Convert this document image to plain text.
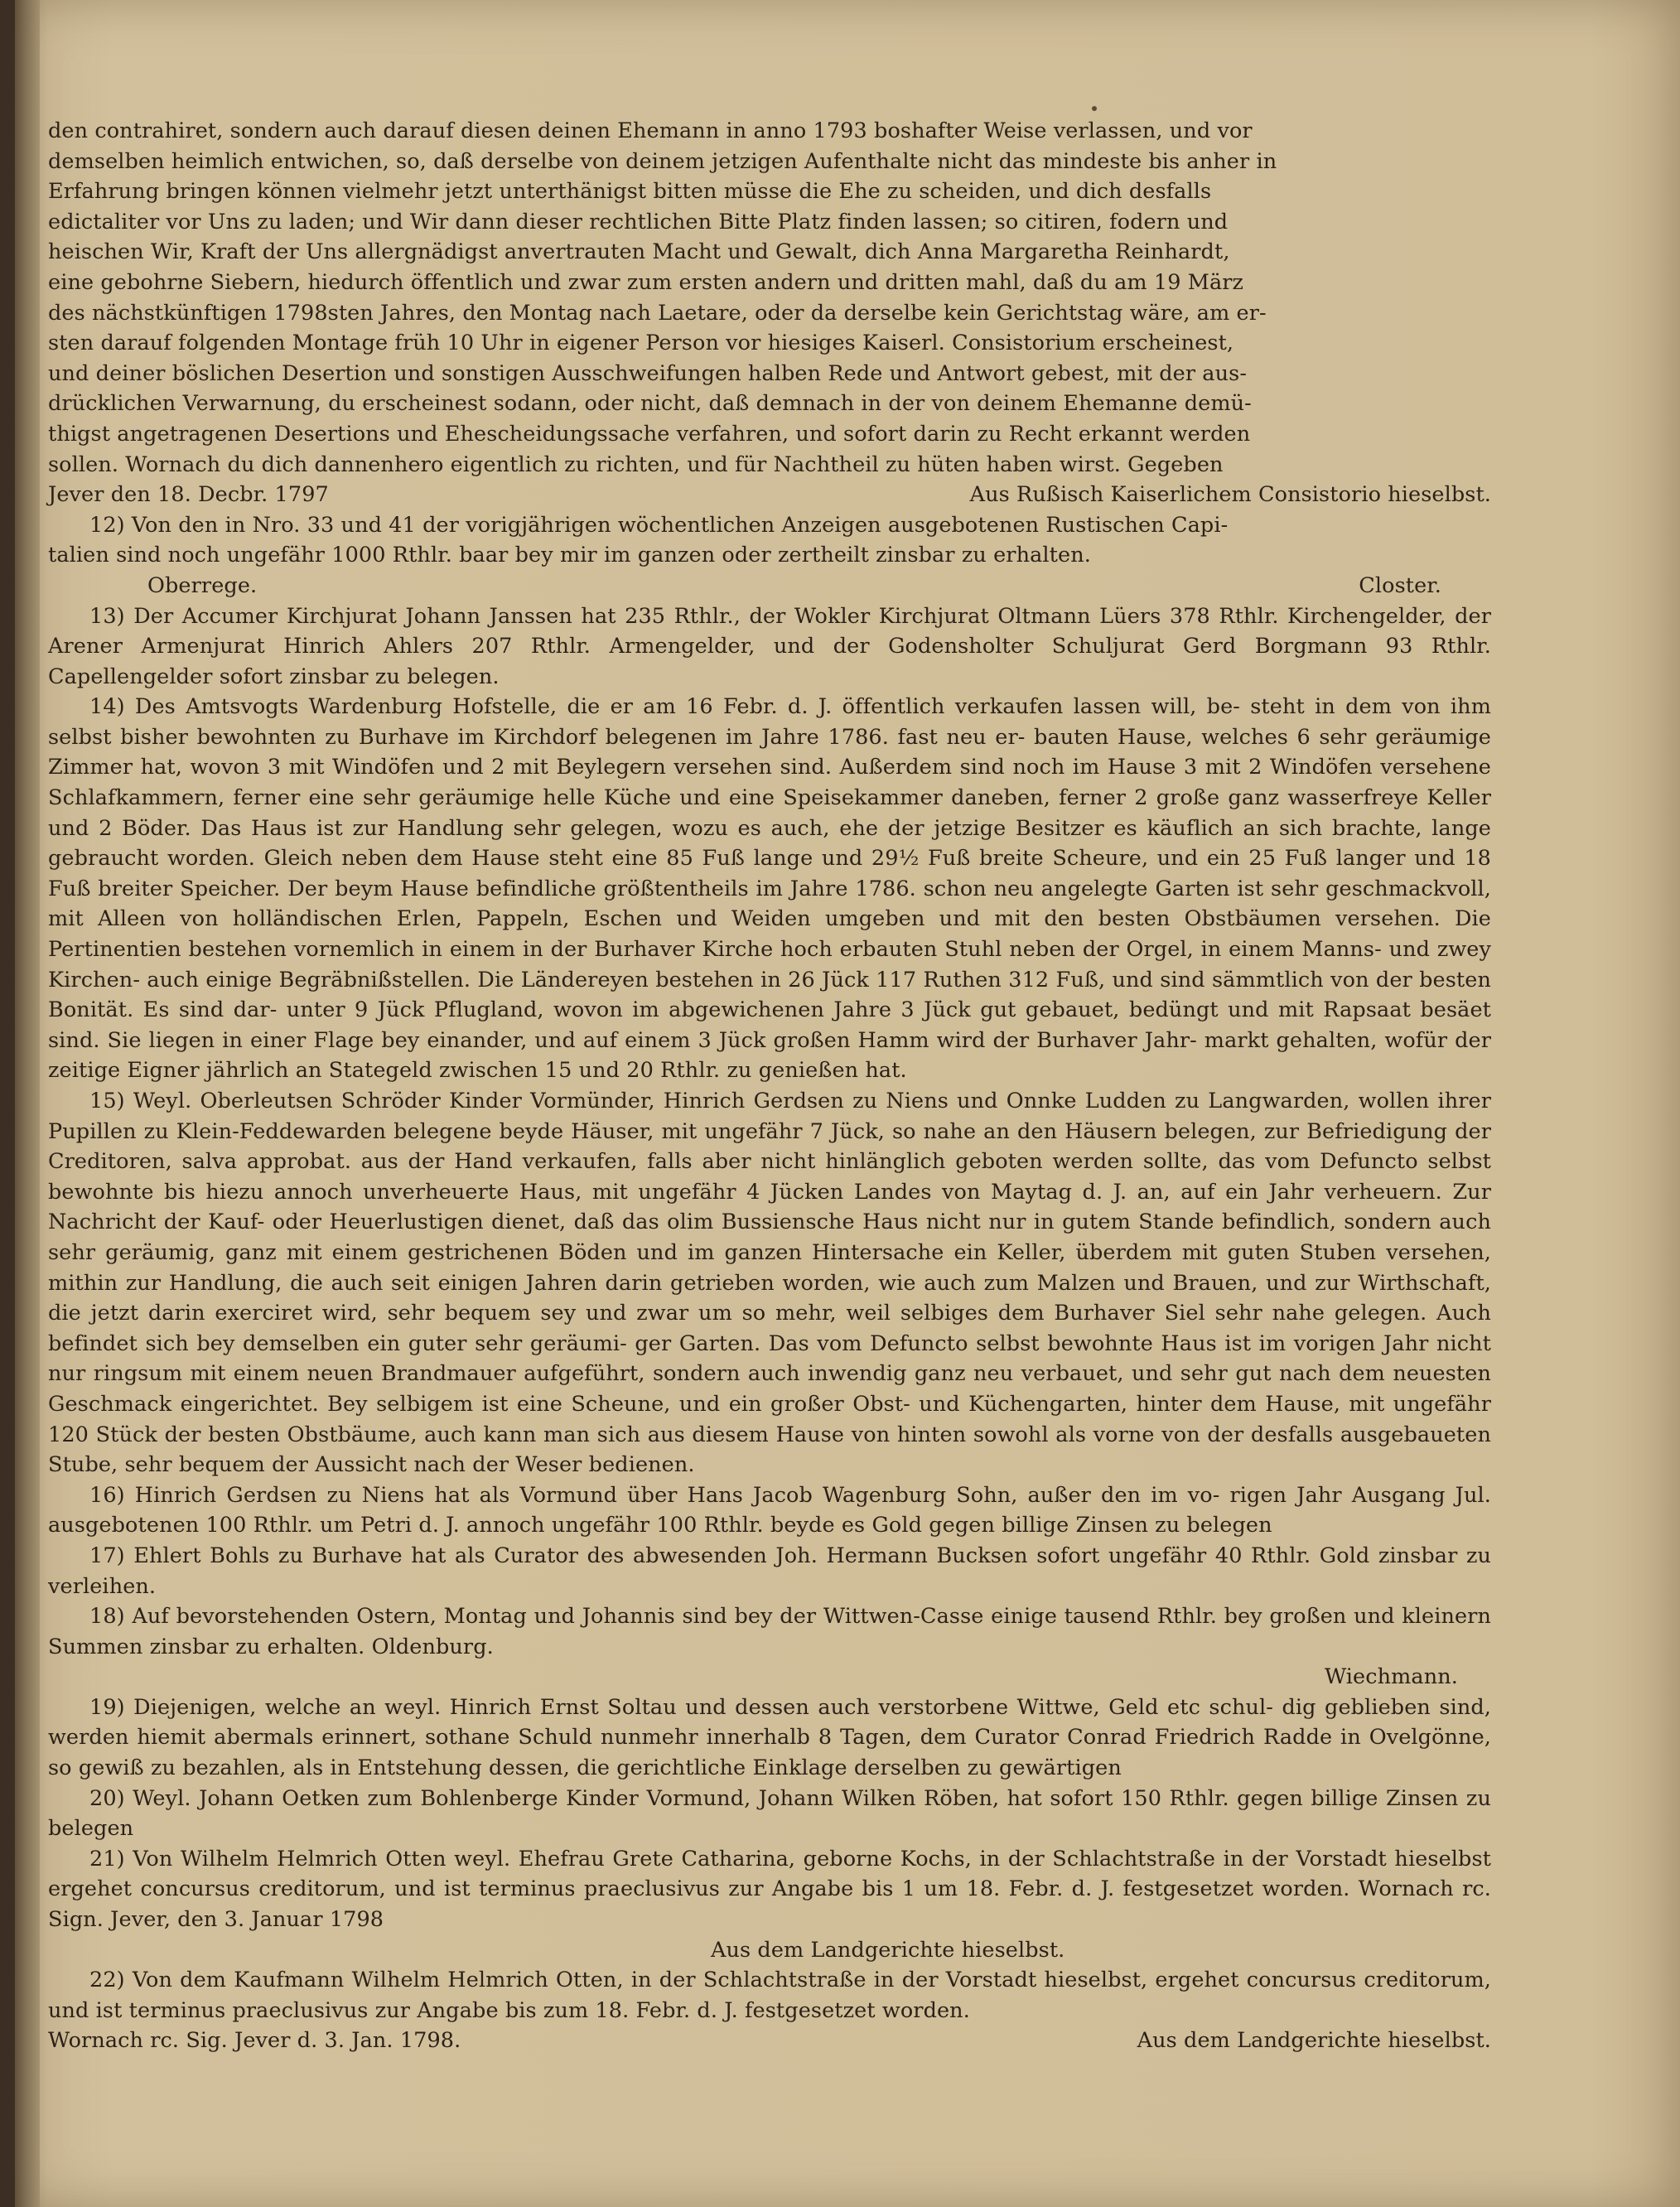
den contrahiret, sondern auch darauf diesen deinen Ehemann in anno 1793 boshafter Weise verlassen, und vor

demselben heimlich entwichen, so, daß derselbe von deinem jetzigen Aufenthalte nicht das mindeste bis anher in

Erfahrung bringen können vielmehr jetzt unterthänigst bitten müsse die Ehe zu scheiden, und dich desfalls

edictaliter vor Uns zu laden; und Wir dann dieser rechtlichen Bitte Platz finden lassen; so citiren, fodern und

heischen Wir, Kraft der Uns allergnädigst anvertrauten Macht und Gewalt, dich Anna Margaretha Reinhardt,

eine gebohrne Siebern, hiedurch öffentlich und zwar zum ersten andern und dritten mahl, daß du am 19 März

des nächstkünftigen 1798sten Jahres, den Montag nach Laetare, oder da derselbe kein Gerichtstag wäre, am er-

sten darauf folgenden Montage früh 10 Uhr in eigener Person vor hiesiges Kaiserl. Consistorium erscheinest,

und deiner böslichen Desertion und sonstigen Ausschweifungen halben Rede und Antwort gebest, mit der aus-

drücklichen Verwarnung, du erscheinest sodann, oder nicht, daß demnach in der von deinem Ehemanne demü-

thigst angetragenen Desertions und Ehescheidungssache verfahren, und sofort darin zu Recht erkannt werden

sollen. Wornach du dich dannenhero eigentlich zu richten, und für Nachtheil zu hüten haben wirst. Gegeben

Jever den 18. Decbr. 1797	Aus Rußisch Kaiserlichem Consistorio hieselbst.

12) Von den in Nro. 33 und 41 der vorigjährigen wöchentlichen Anzeigen ausgebotenen Rustischen Capi-

talien sind noch ungefähr 1000 Rthlr. baar bey mir im ganzen oder zertheilt zinsbar zu erhalten.

Oberrege.	Closter.

13) Der Accumer Kirchjurat Johann Janssen hat 235 Rthlr., der Wokler Kirchjurat Oltmann Lüers 378 Rthlr. Kirchengelder, der Arener Armenjurat Hinrich Ahlers 207 Rthlr. Armengelder, und der Godensholter Schuljurat Gerd Borgmann 93 Rthlr. Capellengelder sofort zinsbar zu belegen.

14) Des Amtsvogts Wardenburg Hofstelle, die er am 16 Febr. d. J. öffentlich verkaufen lassen will, be- steht in dem von ihm selbst bisher bewohnten zu Burhave im Kirchdorf belegenen im Jahre 1786. fast neu er- bauten Hause, welches 6 sehr geräumige Zimmer hat, wovon 3 mit Windöfen und 2 mit Beylegern versehen sind. Außerdem sind noch im Hause 3 mit 2 Windöfen versehene Schlafkammern, ferner eine sehr geräumige helle Küche und eine Speisekammer daneben, ferner 2 große ganz wasserfreye Keller und 2 Böder. Das Haus ist zur Handlung sehr gelegen, wozu es auch, ehe der jetzige Besitzer es käuflich an sich brachte, lange gebraucht worden. Gleich neben dem Hause steht eine 85 Fuß lange und 29½ Fuß breite Scheure, und ein 25 Fuß langer und 18 Fuß breiter Speicher. Der beym Hause befindliche größtentheils im Jahre 1786. schon neu angelegte Garten ist sehr geschmackvoll, mit Alleen von holländischen Erlen, Pappeln, Eschen und Weiden umgeben und mit den besten Obstbäumen versehen. Die Pertinentien bestehen vornemlich in einem in der Burhaver Kirche hoch erbauten Stuhl neben der Orgel, in einem Manns- und zwey Kirchen- auch einige Begräbnißstellen. Die Ländereyen bestehen in 26 Jück 117 Ruthen 312 Fuß, und sind sämmtlich von der besten Bonität. Es sind dar- unter 9 Jück Pflugland, wovon im abgewichenen Jahre 3 Jück gut gebauet, bedüngt und mit Rapsaat besäet sind. Sie liegen in einer Flage bey einander, und auf einem 3 Jück großen Hamm wird der Burhaver Jahr- markt gehalten, wofür der zeitige Eigner jährlich an Stategeld zwischen 15 und 20 Rthlr. zu genießen hat.

15) Weyl. Oberleutsen Schröder Kinder Vormünder, Hinrich Gerdsen zu Niens und Onnke Ludden zu Langwarden, wollen ihrer Pupillen zu Klein-Feddewarden belegene beyde Häuser, mit ungefähr 7 Jück, so nahe an den Häusern belegen, zur Befriedigung der Creditoren, salva approbat. aus der Hand verkaufen, falls aber nicht hinlänglich geboten werden sollte, das vom Defuncto selbst bewohnte bis hiezu annoch unverheuerte Haus, mit ungefähr 4 Jücken Landes von Maytag d. J. an, auf ein Jahr verheuern. Zur Nachricht der Kauf- oder Heuerlustigen dienet, daß das olim Bussiensche Haus nicht nur in gutem Stande befindlich, sondern auch sehr geräumig, ganz mit einem gestrichenen Böden und im ganzen Hintersache ein Keller, überdem mit guten Stuben versehen, mithin zur Handlung, die auch seit einigen Jahren darin getrieben worden, wie auch zum Malzen und Brauen, und zur Wirthschaft, die jetzt darin exerciret wird, sehr bequem sey und zwar um so mehr, weil selbiges dem Burhaver Siel sehr nahe gelegen. Auch befindet sich bey demselben ein guter sehr geräumi- ger Garten. Das vom Defuncto selbst bewohnte Haus ist im vorigen Jahr nicht nur ringsum mit einem neuen Brandmauer aufgeführt, sondern auch inwendig ganz neu verbauet, und sehr gut nach dem neuesten Geschmack eingerichtet. Bey selbigem ist eine Scheune, und ein großer Obst- und Küchengarten, hinter dem Hause, mit ungefähr 120 Stück der besten Obstbäume, auch kann man sich aus diesem Hause von hinten sowohl als vorne von der desfalls ausgebaueten Stube, sehr bequem der Aussicht nach der Weser bedienen.

16) Hinrich Gerdsen zu Niens hat als Vormund über Hans Jacob Wagenburg Sohn, außer den im vo- rigen Jahr Ausgang Jul. ausgebotenen 100 Rthlr. um Petri d. J. annoch ungefähr 100 Rthlr. beyde es Gold gegen billige Zinsen zu belegen

17) Ehlert Bohls zu Burhave hat als Curator des abwesenden Joh. Hermann Bucksen sofort ungefähr 40 Rthlr. Gold zinsbar zu verleihen.

18) Auf bevorstehenden Ostern, Montag und Johannis sind bey der Wittwen-Casse einige tausend Rthlr. bey großen und kleinern Summen zinsbar zu erhalten. Oldenburg.

Wiechmann.

19) Diejenigen, welche an weyl. Hinrich Ernst Soltau und dessen auch verstorbene Wittwe, Geld etc schul- dig geblieben sind, werden hiemit abermals erinnert, sothane Schuld nunmehr innerhalb 8 Tagen, dem Curator Conrad Friedrich Radde in Ovelgönne, so gewiß zu bezahlen, als in Entstehung dessen, die gerichtliche Einklage derselben zu gewärtigen

20) Weyl. Johann Oetken zum Bohlenberge Kinder Vormund, Johann Wilken Röben, hat sofort 150 Rthlr. gegen billige Zinsen zu belegen

21) Von Wilhelm Helmrich Otten weyl. Ehefrau Grete Catharina, geborne Kochs, in der Schlachtstraße in der Vorstadt hieselbst ergehet concursus creditorum, und ist terminus praeclusivus zur Angabe bis 1 um 18. Febr. d. J. festgesetzet worden. Wornach rc. Sign. Jever, den 3. Januar 1798

Aus dem Landgerichte hieselbst.

22) Von dem Kaufmann Wilhelm Helmrich Otten, in der Schlachtstraße in der Vorstadt hieselbst, ergehet concursus creditorum, und ist terminus praeclusivus zur Angabe bis zum 18. Febr. d. J. festgesetzet worden.

Wornach rc. Sig. Jever d. 3. Jan. 1798.	Aus dem Landgerichte hieselbst.
